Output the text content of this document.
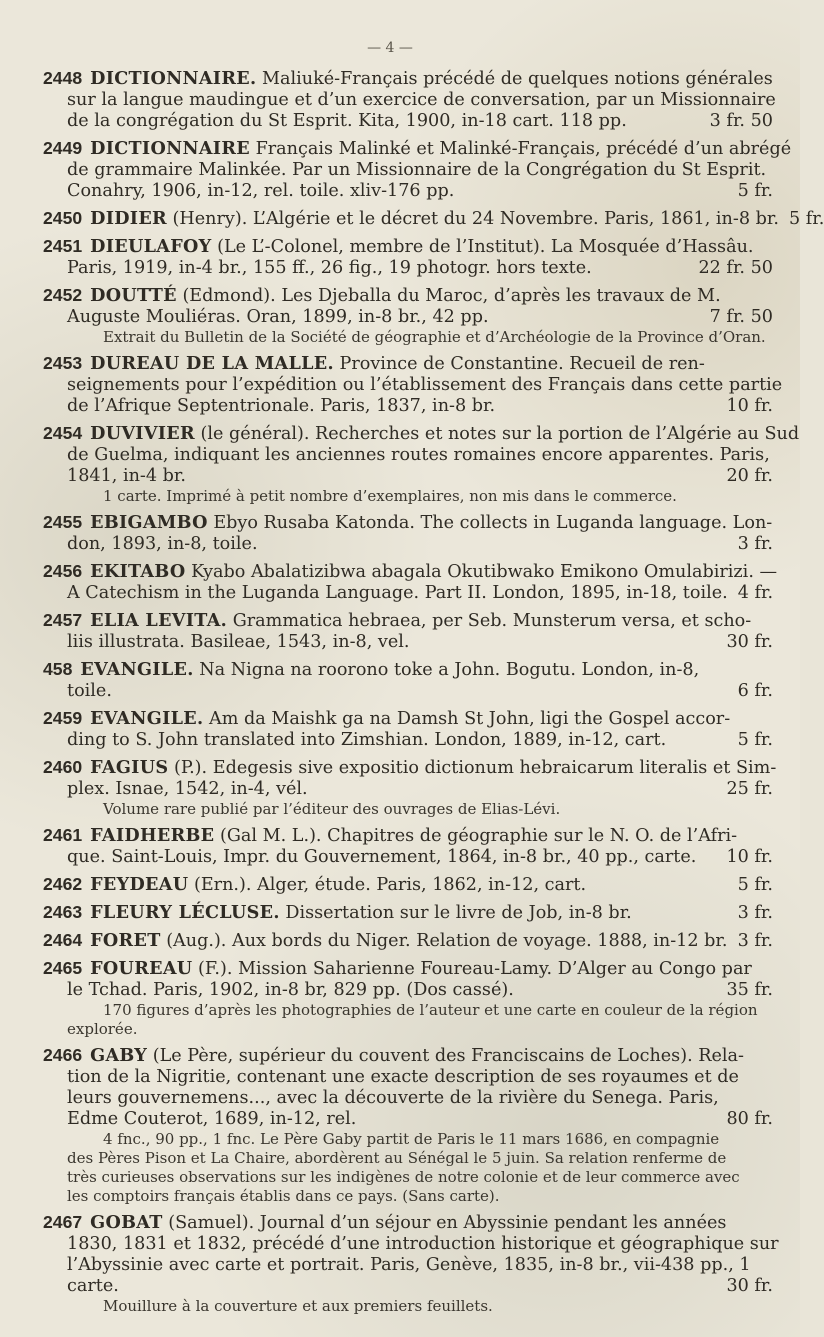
— 4 —
2448 DICTIONNAIRE. Maliuké-Français précédé de quelques notions générales
sur la langue maudingue et d’un exercice de conversation, par un Missionnaire
de la congrégation du St Esprit. Kita, 1900, in-18 cart. 118 pp.	3 fr. 50
2449 DICTIONNAIRE Français Malinké et Malinké-Français, précédé d’un abrégé
de grammaire Malinkée. Par un Missionnaire de la Congrégation du St Esprit.
Conahry, 1906, in-12, rel. toile. xliv-176 pp.	5 fr.
2450 DIDIER (Henry). L’Algérie et le décret du 24 Novembre. Paris, 1861, in-8 br. 5 fr.
2451 DIEULAFOY (Le L’-Colonel, membre de l’Institut). La Mosquée d’Hassâu.
Paris, 1919, in-4 br., 155 ff., 26 fig., 19 photogr. hors texte.	22 fr. 50
2452 DOUTTÉ (Edmond). Les Djeballa du Maroc, d’après les travaux de M.
Auguste Mouliéras. Oran, 1899, in-8 br., 42 pp.	7 fr. 50
Extrait du Bulletin de la Société de géographie et d’Archéologie de la Province d’Oran.
2453 DUREAU DE LA MALLE. Province de Constantine. Recueil de ren-
seignements pour l’expédition ou l’établissement des Français dans cette partie
de l’Afrique Septentrionale. Paris, 1837, in-8 br.	10 fr.
2454 DUVIVIER (le général). Recherches et notes sur la portion de l’Algérie au Sud
de Guelma, indiquant les anciennes routes romaines encore apparentes. Paris,
1841, in-4 br.	20 fr.
1 carte. Imprimé à petit nombre d’exemplaires, non mis dans le commerce.
2455 EBIGAMBO Ebyo Rusaba Katonda. The collects in Luganda language. Lon-
don, 1893, in-8, toile.	3 fr.
2456 EKITABO Kyabo Abalatizibwa abagala Okutibwako Emikono Omulabirizi. —
A Catechism in the Luganda Language. Part II. London, 1895, in-18, toile. 4 fr.
2457 ELIA LEVITA. Grammatica hebraea, per Seb. Munsterum versa, et scho-
liis illustrata. Basileae, 1543, in-8, vel.	30 fr.
458 EVANGILE. Na Nigna na roorono toke a John. Bogutu. London, in-8,
toile.	6 fr.
2459 EVANGILE. Am da Maishk ga na Damsh St John, ligi the Gospel accor-
ding to S. John translated into Zimshian. London, 1889, in-12, cart.	5 fr.
2460 FAGIUS (P.). Edegesis sive expositio dictionum hebraicarum literalis et Sim-
plex. Isnae, 1542, in-4, vél.	25 fr.
Volume rare publié par l’éditeur des ouvrages de Elias-Lévi.
2461 FAIDHERBE (Gal M. L.). Chapitres de géographie sur le N. O. de l’Afri-
que. Saint-Louis, Impr. du Gouvernement, 1864, in-8 br., 40 pp., carte. 10 fr.
2462 FEYDEAU (Ern.). Alger, étude. Paris, 1862, in-12, cart.	5 fr.
2463 FLEURY LÉCLUSE. Dissertation sur le livre de Job, in-8 br.	3 fr.
2464 FORET (Aug.). Aux bords du Niger. Relation de voyage. 1888, in-12 br. 3 fr.
2465 FOUREAU (F.). Mission Saharienne Foureau-Lamy. D’Alger au Congo par
le Tchad. Paris, 1902, in-8 br, 829 pp. (Dos cassé).	35 fr.
170 figures d’après les photographies de l’auteur et une carte en couleur de la région
explorée.
2466 GABY (Le Père, supérieur du couvent des Franciscains de Loches). Rela-
tion de la Nigritie, contenant une exacte description de ses royaumes et de
leurs gouvernemens..., avec la découverte de la rivière du Senega. Paris,
Edme Couterot, 1689, in-12, rel.	80 fr.
4 fnc., 90 pp., 1 fnc. Le Père Gaby partit de Paris le 11 mars 1686, en compagnie
des Pères Pison et La Chaire, abordèrent au Sénégal le 5 juin. Sa relation renferme de
très curieuses observations sur les indigènes de notre colonie et de leur commerce avec
les comptoirs français établis dans ce pays. (Sans carte).
2467 GOBAT (Samuel). Journal d’un séjour en Abyssinie pendant les années
1830, 1831 et 1832, précédé d’une introduction historique et géographique sur
l’Abyssinie avec carte et portrait. Paris, Genève, 1835, in-8 br., vii-438 pp., 1
carte.	30 fr.
Mouillure à la couverture et aux premiers feuillets.
